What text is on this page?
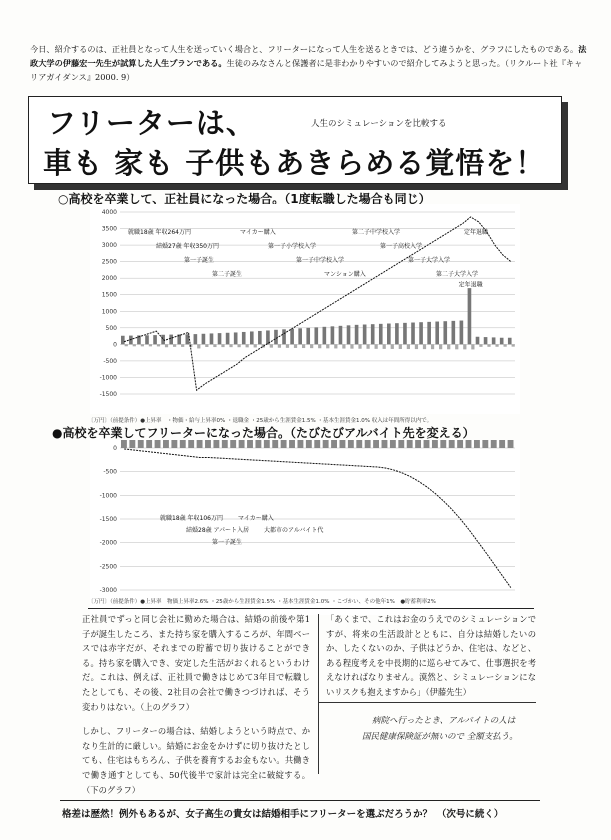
今日、紹介するのは、正社員となって人生を送っていく場合と、フリーターになって人生を送るときでは、どう違うかを、グラフにしたものである。法政大学の伊藤宏一先生が試算した人生プランである。生徒のみなさんと保護者に是非わかりやすいので紹介してみようと思った。（リクルート社『キャリアガイダンス』2000. 9）
フリーターは、	人生のシミュレーションを比較する
車も 家も 子供もあきらめる覚悟を！
○高校を卒業して、正社員になった場合。（1度転職した場合も同じ）
4000
3500
3000
2500
2000
1500
1000
500
0
-500
-1000
-1500
就職18歳 年収264万円
結婚27歳 年収350万円
第一子誕生
第二子誕生
マイカー購入
第一子小学校入学
第一子中学校入学
マンション購入
第二子中学校入学
第一子高校入学
第一子大学入学
第二子大学入学
定年退職
定年退職
〔万円〕（前提条件）●上昇率　・物価・給与上昇率0% ・退職金 ・25歳から生涯賃金1.5% ・基本生涯賃金1.0% 収入は年間所得以内で。
●高校を卒業してフリーターになった場合。（たびたびアルバイト先を変える）
0
-500
-1000
-1500
-2000
-2500
-3000
就職18歳 年収106万円
結婚28歳 アパート入居
第一子誕生
マイカー購入
大都市のアルバイト代
〔万円〕（前提条件）●上昇率　物価上昇率2.6% ・25歳から生涯賃金1.5% ・基本生涯賃金1.0% ・こづかい、その他年1%　●貯蓄利率2%
正社員でずっと同じ会社に勤めた場合は、結婚の前後や第1子が誕生したころ、また持ち家を購入するころが、年間ベースでは赤字だが、それまでの貯蓄で切り抜けることができる。持ち家を購入でき、安定した生活がおくれるというわけだ。これは、例えば、正社員で働きはじめて3年目で転職したとしても、その後、2社目の会社で働きつづければ、そう変わりはない。（上のグラフ）
しかし、フリーターの場合は、結婚しようという時点で、かなり生計的に厳しい。結婚にお金をかけずに切り抜けたとしても、住宅はもちろん、子供を養育するお金もない。共働きで働き通すとしても、50代後半で家計は完全に破綻する。（下のグラフ）
「あくまで、これはお金のうえでのシミュレーションですが、将来の生活設計とともに、自分は結婚したいのか、したくないのか、子供はどうか、住宅は、などと、ある程度考えを中長期的に巡らせてみて、仕事選択を考えなければなりません。漠然と、シミュレーションにないリスクも抱えますから」（伊藤先生）
病院へ行ったとき、アルバイトの人は
国民健康保険証が無いので 全額支払う。
格差は歴然！例外もあるが、女子高生の貴女は結婚相手にフリーターを選ぶだろうか？　（次号に続く）
